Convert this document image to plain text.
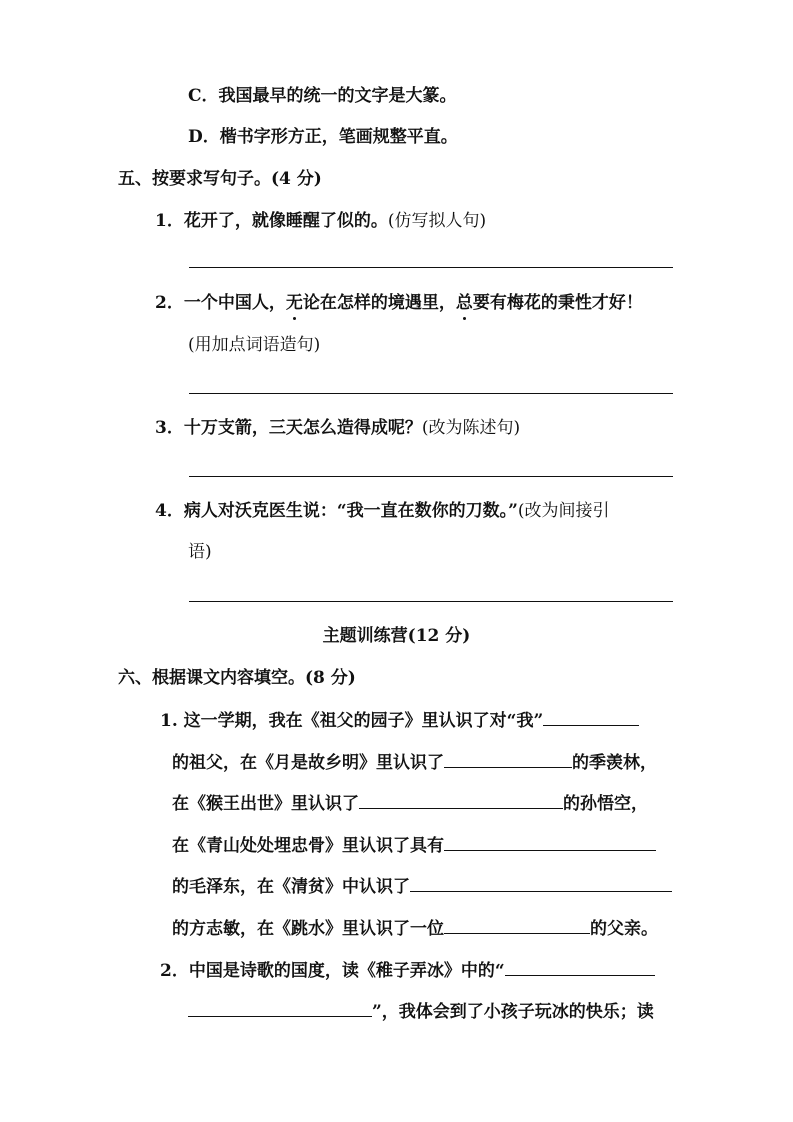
C．我国最早的统一的文字是大篆。
D．楷书字形方正，笔画规整平直。
五、按要求写句子。(4 分)
1．花开了，就像睡醒了似的。(仿写拟人句)
2．一个中国人，无论在怎样的境遇里，总要有梅花的秉性才好！
(用加点词语造句)
3．十万支箭，三天怎么造得成呢？(改为陈述句)
4．病人对沃克医生说：“我一直在数你的刀数。”(改为间接引
语)
主题训练营(12 分)
六、根据课文内容填空。(8 分)
1. 这一学期，我在《祖父的园子》里认识了对“我”
的祖父，在《月是故乡明》里认识了	的季羡林，
在《猴王出世》里认识了	的孙悟空，
在《青山处处埋忠骨》里认识了具有
的毛泽东，在《清贫》中认识了
的方志敏，在《跳水》里认识了一位	的父亲。
2．中国是诗歌的国度，读《稚子弄冰》中的“
”，我体会到了小孩子玩冰的快乐；读
